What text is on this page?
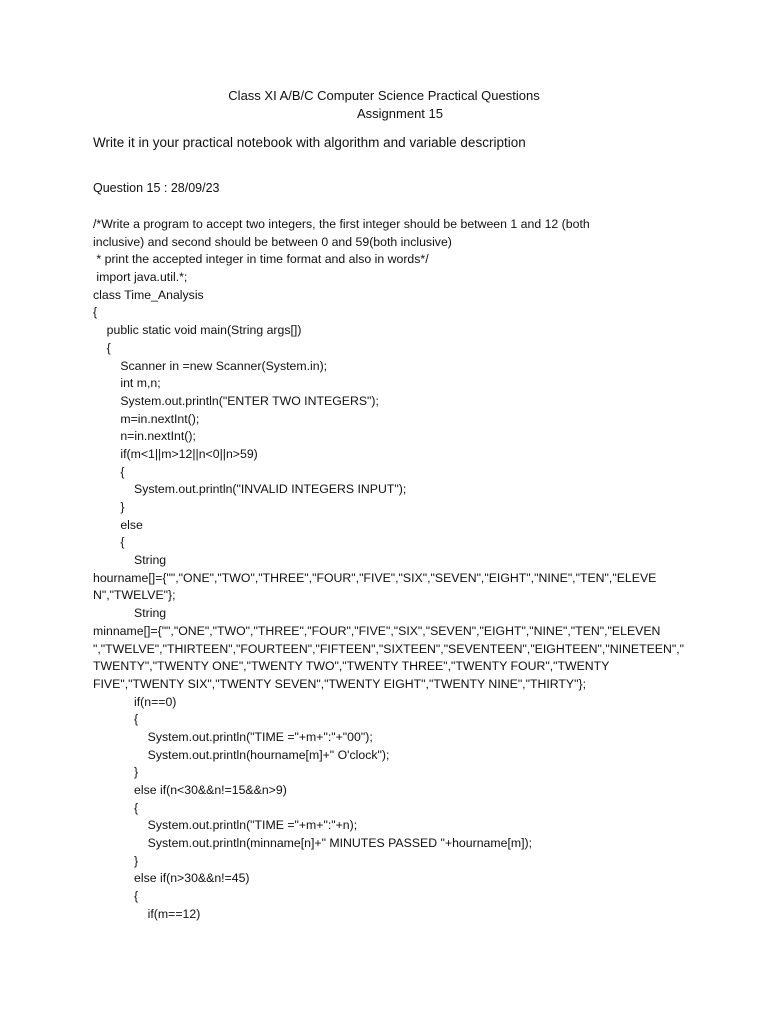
Class XI A/B/C Computer Science Practical Questions
Assignment 15
Write it in your practical notebook with algorithm and variable description
Question 15 : 28/09/23
/*Write a program to accept two integers, the first integer should be between 1 and 12 (both
inclusive) and second should be between 0 and 59(both inclusive)
* print the accepted integer in time format and also in words*/
import java.util.*;
class Time_Analysis
{
public static void main(String args[])
{
Scanner in =new Scanner(System.in);
int m,n;
System.out.println("ENTER TWO INTEGERS");
m=in.nextInt();
n=in.nextInt();
if(m<1||m>12||n<0||n>59)
{
System.out.println("INVALID INTEGERS INPUT");
}
else
{
String
hourname[]={"","ONE","TWO","THREE","FOUR","FIVE","SIX","SEVEN","EIGHT","NINE","TEN","ELEVE
N","TWELVE"};
String
minname[]={"","ONE","TWO","THREE","FOUR","FIVE","SIX","SEVEN","EIGHT","NINE","TEN","ELEVEN
","TWELVE","THIRTEEN","FOURTEEN","FIFTEEN","SIXTEEN","SEVENTEEN","EIGHTEEN","NINETEEN","
TWENTY","TWENTY ONE","TWENTY TWO","TWENTY THREE","TWENTY FOUR","TWENTY
FIVE","TWENTY SIX","TWENTY SEVEN","TWENTY EIGHT","TWENTY NINE","THIRTY"};
if(n==0)
{
System.out.println("TIME ="+m+":"+"00");
System.out.println(hourname[m]+" O'clock");
}
else if(n<30&&n!=15&&n>9)
{
System.out.println("TIME ="+m+":"+n);
System.out.println(minname[n]+" MINUTES PASSED "+hourname[m]);
}
else if(n>30&&n!=45)
{
if(m==12)
